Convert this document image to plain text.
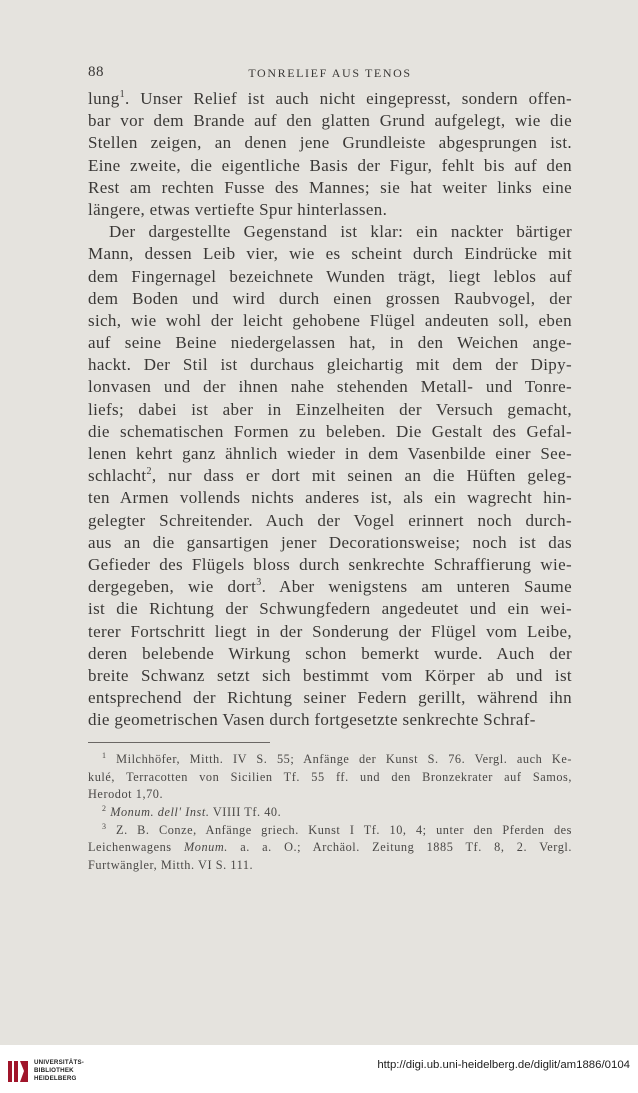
88	TONRELIEF AUS TENOS
lung$^1$. Unser Relief ist auch nicht eingepresst, sondern offen-
bar vor dem Brande auf den glatten Grund aufgelegt, wie die
Stellen zeigen, an denen jene Grundleiste abgesprungen ist.
Eine zweite, die eigentliche Basis der Figur, fehlt bis auf den
Rest am rechten Fusse des Mannes; sie hat weiter links eine
längere, etwas vertiefte Spur hinterlassen.
Der dargestellte Gegenstand ist klar: ein nackter bärtiger
Mann, dessen Leib vier, wie es scheint durch Eindrücke mit
dem Fingernagel bezeichnete Wunden trägt, liegt leblos auf
dem Boden und wird durch einen grossen Raubvogel, der
sich, wie wohl der leicht gehobene Flügel andeuten soll, eben
auf seine Beine niedergelassen hat, in den Weichen ange-
hackt. Der Stil ist durchaus gleichartig mit dem der Dipy-
lonvasen und der ihnen nahe stehenden Metall- und Tonre-
liefs; dabei ist aber in Einzelheiten der Versuch gemacht,
die schematischen Formen zu beleben. Die Gestalt des Gefal-
lenen kehrt ganz ähnlich wieder in dem Vasenbilde einer See-
schlacht$^2$, nur dass er dort mit seinen an die Hüften geleg-
ten Armen vollends nichts anderes ist, als ein wagrecht hin-
gelegter Schreitender. Auch der Vogel erinnert noch durch-
aus an die gansartigen jener Decorationsweise; noch ist das
Gefieder des Flügels bloss durch senkrechte Schraffierung wie-
dergegeben, wie dort$^3$. Aber wenigstens am unteren Saume
ist die Richtung der Schwungfedern angedeutet und ein wei-
terer Fortschritt liegt in der Sonderung der Flügel vom Leibe,
deren belebende Wirkung schon bemerkt wurde. Auch der
breite Schwanz setzt sich bestimmt vom Körper ab und ist
entsprechend der Richtung seiner Federn gerillt, während ihn
die geometrischen Vasen durch fortgesetzte senkrechte Schraf-
$^1$ Milchhöfer, Mitth. IV S. 55; Anfänge der Kunst S. 76. Vergl. auch Ke-
kulé, Terracotten von Sicilien Tf. 55 ff. und den Bronzekrater auf Samos,
Herodot 1,70.
$^2$ Monum. dell' Inst. VIIII Tf. 40.
$^3$ Z. B. Conze, Anfänge griech. Kunst I Tf. 10, 4; unter den Pferden des
Leichenwagens Monum. a. a. O.; Archäol. Zeitung 1885 Tf. 8, 2. Vergl.
Furtwängler, Mitth. VI S. 111.
UNIVERSITÄTS-
BIBLIOTHEK
HEIDELBERG
http://digi.ub.uni-heidelberg.de/diglit/am1886/0104
